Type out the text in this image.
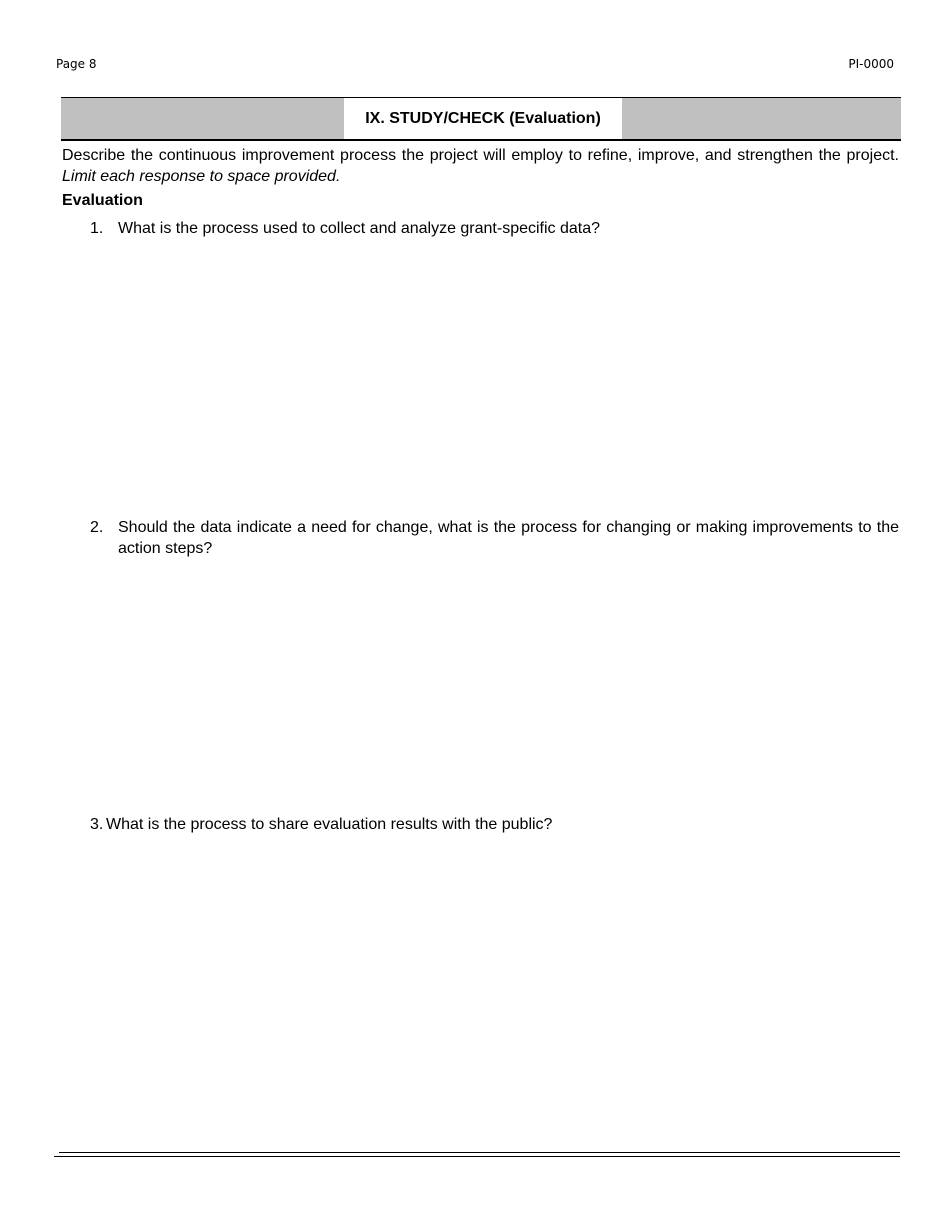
Page 8	PI-0000
IX. STUDY/CHECK (Evaluation)
Describe the continuous improvement process the project will employ to refine, improve, and strengthen the project. Limit each response to space provided.
Evaluation
1. What is the process used to collect and analyze grant-specific data?
2. Should the data indicate a need for change, what is the process for changing or making improvements to the action steps?
3. What is the process to share evaluation results with the public?
